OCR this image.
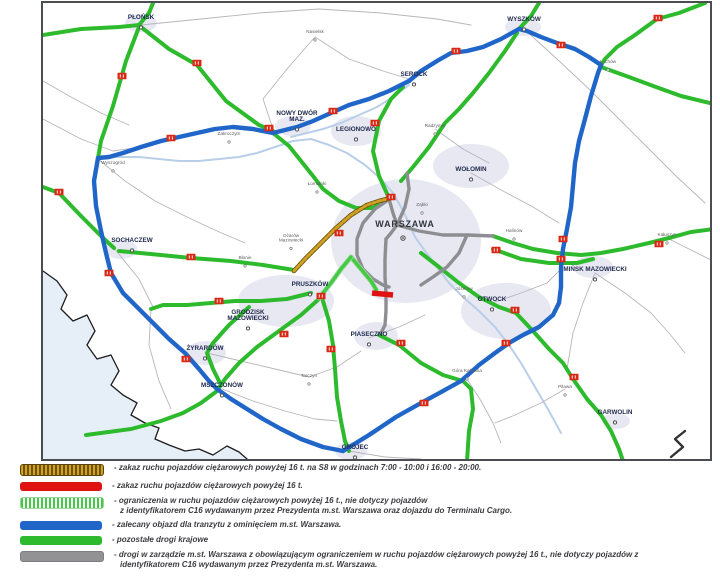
Wyszogród
Nasielsk
Zakroczym
Łomianki
Błonie
Ożarów
Mazowiecki
Ząbki
Radzymin
Łochów
Halinów
Kałuszyn
Józefów
Tarczyn
Góra Kalwaria
Pilawa
PŁOŃSK	WYSZKÓW
SEROCK
NOWY DWÓR
MAZ.
LEGIONOWO
WOŁOMIN
WARSZAWA
SOCHACZEW
PRUSZKÓW
GRODZISK
MAZOWIECKI
ŻYRARDÓW
MSZCZONÓW
PIASECZNO
GRÓJEC
OTWOCK
MIŃSK MAZOWIECKI
GARWOLIN
- zakaz ruchu pojazdów ciężarowych powyżej 16 t. na S8 w godzinach 7:00 - 10:00 i 16:00 - 20:00.
- zakaz ruchu pojazdów ciężarowych powyżej 16 t.
- ograniczenia w ruchu pojazdów ciężarowych powyżej 16 t., nie dotyczy pojazdów
z identyfikatorem C16 wydawanym przez Prezydenta m.st. Warszawa oraz dojazdu do Terminalu Cargo.
- zalecany objazd dla tranzytu z ominięciem m.st. Warszawa.
- pozostałe drogi krajowe
- drogi w zarządzie m.st. Warszawa z obowiązującym ograniczeniem w ruchu pojazdów ciężarowych powyżej 16 t., nie dotyczy pojazdów z
identyfikatorem C16 wydawanym przez Prezydenta m.st. Warszawa.
